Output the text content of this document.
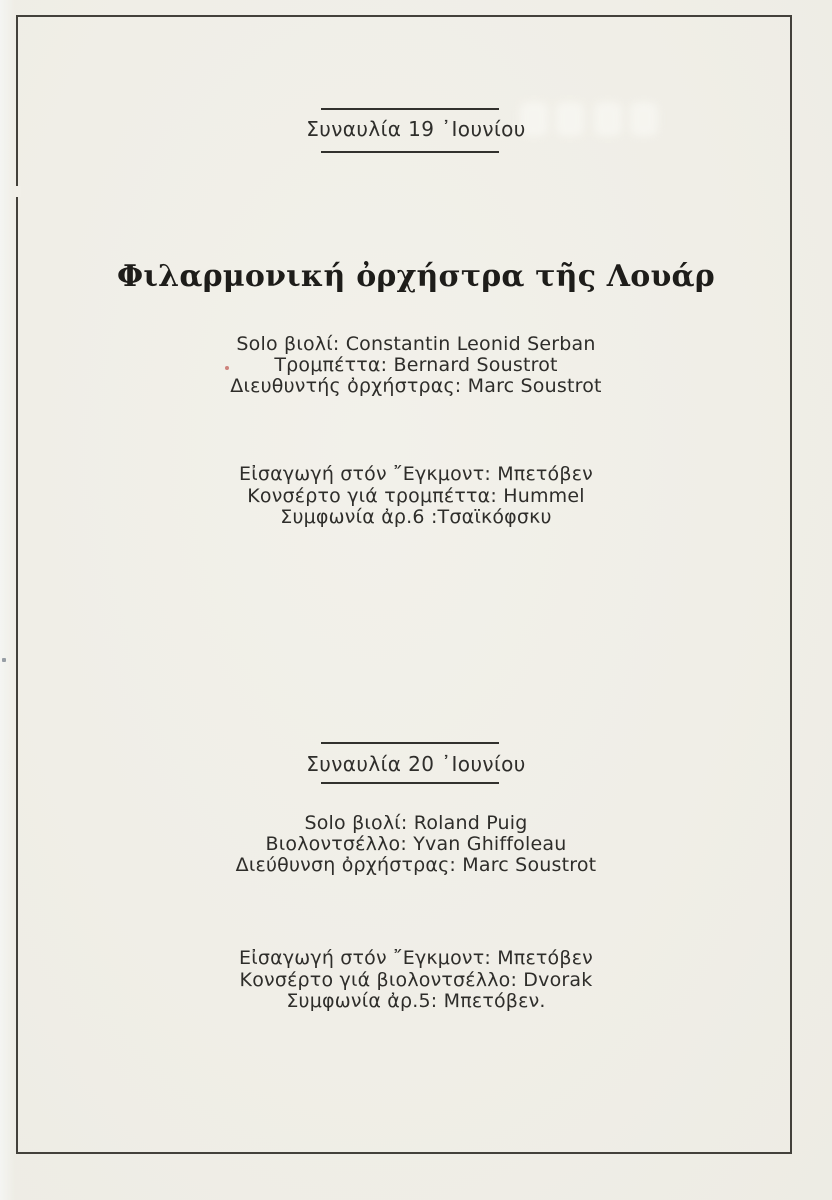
Συναυλία 19 ᾿Ιουνίου
Φιλαρμονική ὀρχήστρα τῆς Λουάρ
Solo βιολί: Constantin Leonid Serban
Τρομπέττα: Bernard Soustrot
Διευθυντής ὀρχήστρας: Marc Soustrot
Εἰσαγωγή στόν ῎Εγκμοντ: Μπετόβεν
Κονσέρτο γιά τρομπέττα: Hummel
Συμφωνία ἀρ.6 :Τσαϊκόφσκυ
Συναυλία 20 ᾿Ιουνίου
Solo βιολί: Roland Puig
Βιολοντσέλλο: Yvan Ghiffoleau
Διεύθυνση ὀρχήστρας: Marc Soustrot
Εἰσαγωγή στόν ῎Εγκμοντ: Μπετόβεν
Κονσέρτο γιά βιολοντσέλλο: Dvorak
Συμφωνία ἀρ.5: Μπετόβεν.
